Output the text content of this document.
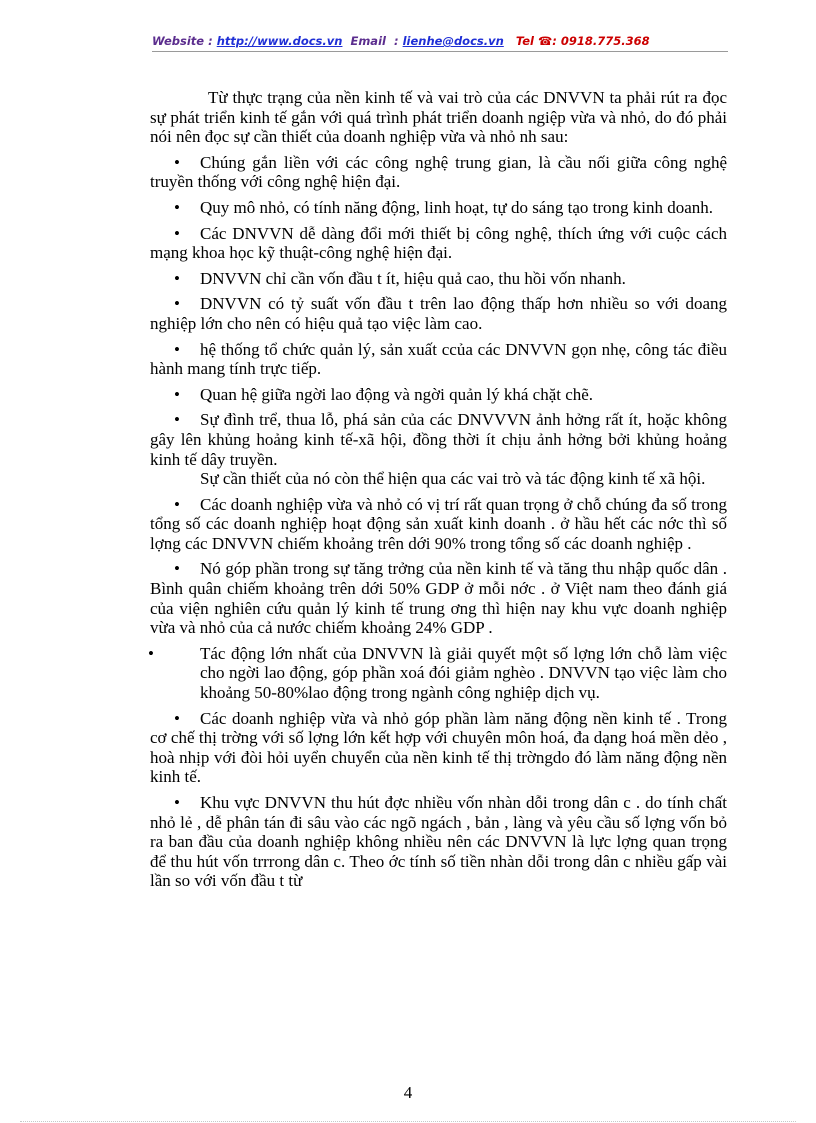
Website : http://www.docs.vn Email : lienhe@docs.vn Tel ☎: 0918.775.368

Từ thực trạng của nền kinh tế và vai trò của các DNVVN ta phải rút ra đọc sự phát triển kinh tế gắn với quá trình phát triển doanh ngiệp vừa và nhỏ, do đó phải nói nên đọc sự cần thiết của doanh nghiệp vừa và nhỏ nh sau:

• Chúng gắn liền với các công nghệ trung gian, là cầu nối giữa công nghệ truyền thống với công nghệ hiện đại.

• Quy mô nhỏ, có tính năng động, linh hoạt, tự do sáng tạo trong kinh doanh.

• Các DNVVN dễ dàng đổi mới thiết bị công nghệ, thích ứng với cuộc cách mạng khoa học kỹ thuật-công nghệ hiện đại.

• DNVVN chỉ cần vốn đầu t ít, hiệu quả cao, thu hồi vốn nhanh.

• DNVVN có tỷ suất vốn đầu t trên lao động thấp hơn nhiều so với doang nghiệp lớn cho nên có hiệu quả tạo việc làm cao.

• hệ thống tổ chức quản lý, sản xuất ccủa các DNVVN gọn nhẹ, công tác điều hành mang tính trực tiếp.

• Quan hệ giữa ngời lao động và ngời quản lý khá chặt chẽ.

• Sự đình trể, thua lỗ, phá sản của các DNVVVN ảnh hởng rất ít, hoặc không gây lên khủng hoảng kinh tế-xã hội, đồng thời ít chịu ảnh hởng bởi khủng hoảng kinh tế dây truyền.

Sự cần thiết của nó còn thể hiện qua các vai trò và tác động kinh tế xã hội.

• Các doanh nghiệp vừa và nhỏ có vị trí rất quan trọng ở chỗ chúng đa số trong tổng số các doanh nghiệp hoạt động sản xuất kinh doanh . ở hầu hết các nớc thì số lợng các DNVVN chiếm khoảng trên dới 90% trong tổng số các doanh nghiệp .

• Nó góp phần trong sự tăng trởng của nền kinh tế và tăng thu nhập quốc dân . Bình quân chiếm khoảng trên dới 50% GDP ở mỗi nớc . ở Việt nam theo đánh giá của viện nghiên cứu quản lý kinh tế trung ơng thì hiện nay khu vực doanh nghiệp vừa và nhỏ của cả nước chiếm khoảng 24% GDP .

•	Tác động lớn nhất của DNVVN là giải quyết một số lợng lớn chỗ làm việc cho ngời lao động, góp phần xoá đói giảm nghèo . DNVVN tạo việc làm cho khoảng 50-80%lao động trong ngành công nghiệp dịch vụ.

• Các doanh nghiệp vừa và nhỏ góp phần làm năng động nền kinh tế . Trong cơ chế thị trờng với số lợng lớn kết hợp với chuyên môn hoá, đa dạng hoá mền dẻo , hoà nhịp với đòi hỏi uyển chuyển của nền kinh tế thị trờngdo đó làm năng động nền kinh tế.

• Khu vực DNVVN thu hút đợc nhiều vốn nhàn dỗi trong dân c . do tính chất nhỏ lẻ , dễ phân tán đi sâu vào các ngõ ngách , bản , làng và yêu cầu số lợng vốn bỏ ra ban đầu của doanh nghiệp không nhiều nên các DNVVN là lực lợng quan trọng để thu hút vốn trrrong dân c. Theo ớc tính số tiền nhàn dỗi trong dân c nhiều gấp vài lần so với vốn đầu t từ

4
